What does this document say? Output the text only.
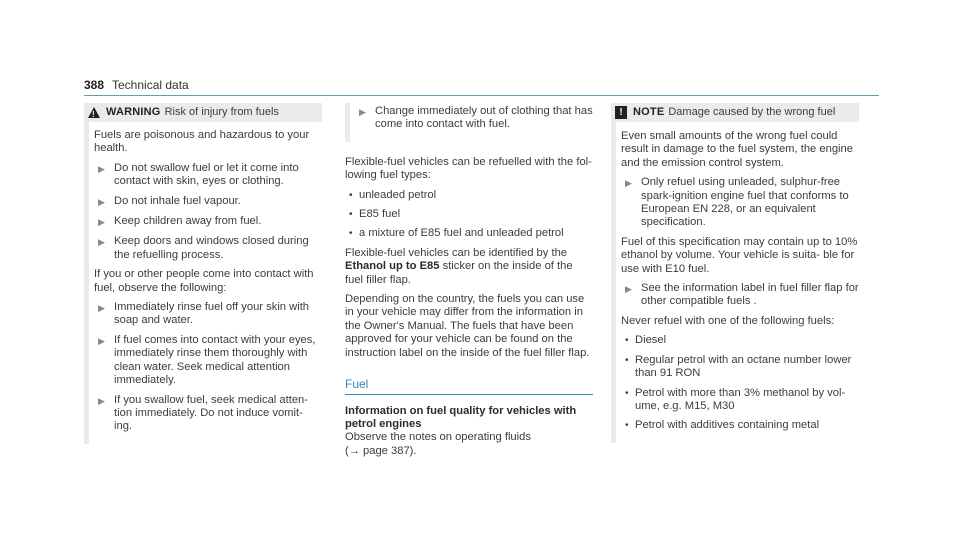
388 Technical data
!
WARNING Risk of injury from fuels

Fuels are poisonous and hazardous to your health.

▶ Do not swallow fuel or let it come into contact with skin, eyes or clothing.
▶ Do not inhale fuel vapour.
▶ Keep children away from fuel.
▶ Keep doors and windows closed during the refuelling process.

If you or other people come into contact with fuel, observe the following:

▶ Immediately rinse fuel off your skin with soap and water.
▶ If fuel comes into contact with your eyes, immediately rinse them thoroughly with clean water. Seek medical attention immediately.
▶ If you swallow fuel, seek medical atten- tion immediately. Do not induce vomit- ing.
▶ Change immediately out of clothing that has come into contact with fuel.

Flexible-fuel vehicles can be refuelled with the fol- lowing fuel types:

• unleaded petrol
• E85 fuel
• a mixture of E85 fuel and unleaded petrol

Flexible-fuel vehicles can be identified by the

Ethanol up to E85 sticker on the inside of the fuel filler flap.

Depending on the country, the fuels you can use in your vehicle may differ from the information in the Owner's Manual. The fuels that have been approved for your vehicle can be found on the instruction label on the inside of the fuel filler flap.

Fuel

Information on fuel quality for vehicles with petrol engines

Observe the notes on operating fluids

(→ page 387).

! NOTE Damage caused by the wrong fuel

Even small amounts of the wrong fuel could result in damage to the fuel system, the engine and the emission control system.

▶ Only refuel using unleaded, sulphur-free spark-ignition engine fuel that conforms to European EN 228, or an equivalent specification.

Fuel of this specification may contain up to 10% ethanol by volume. Your vehicle is suita- ble for use with E10 fuel.

▶ See the information label in fuel filler flap for other compatible fuels .

Never refuel with one of the following fuels:

• Diesel
• Regular petrol with an octane number lower than 91 RON
• Petrol with more than 3% methanol by vol- ume, e.g. M15, M30
• Petrol with additives containing metal
